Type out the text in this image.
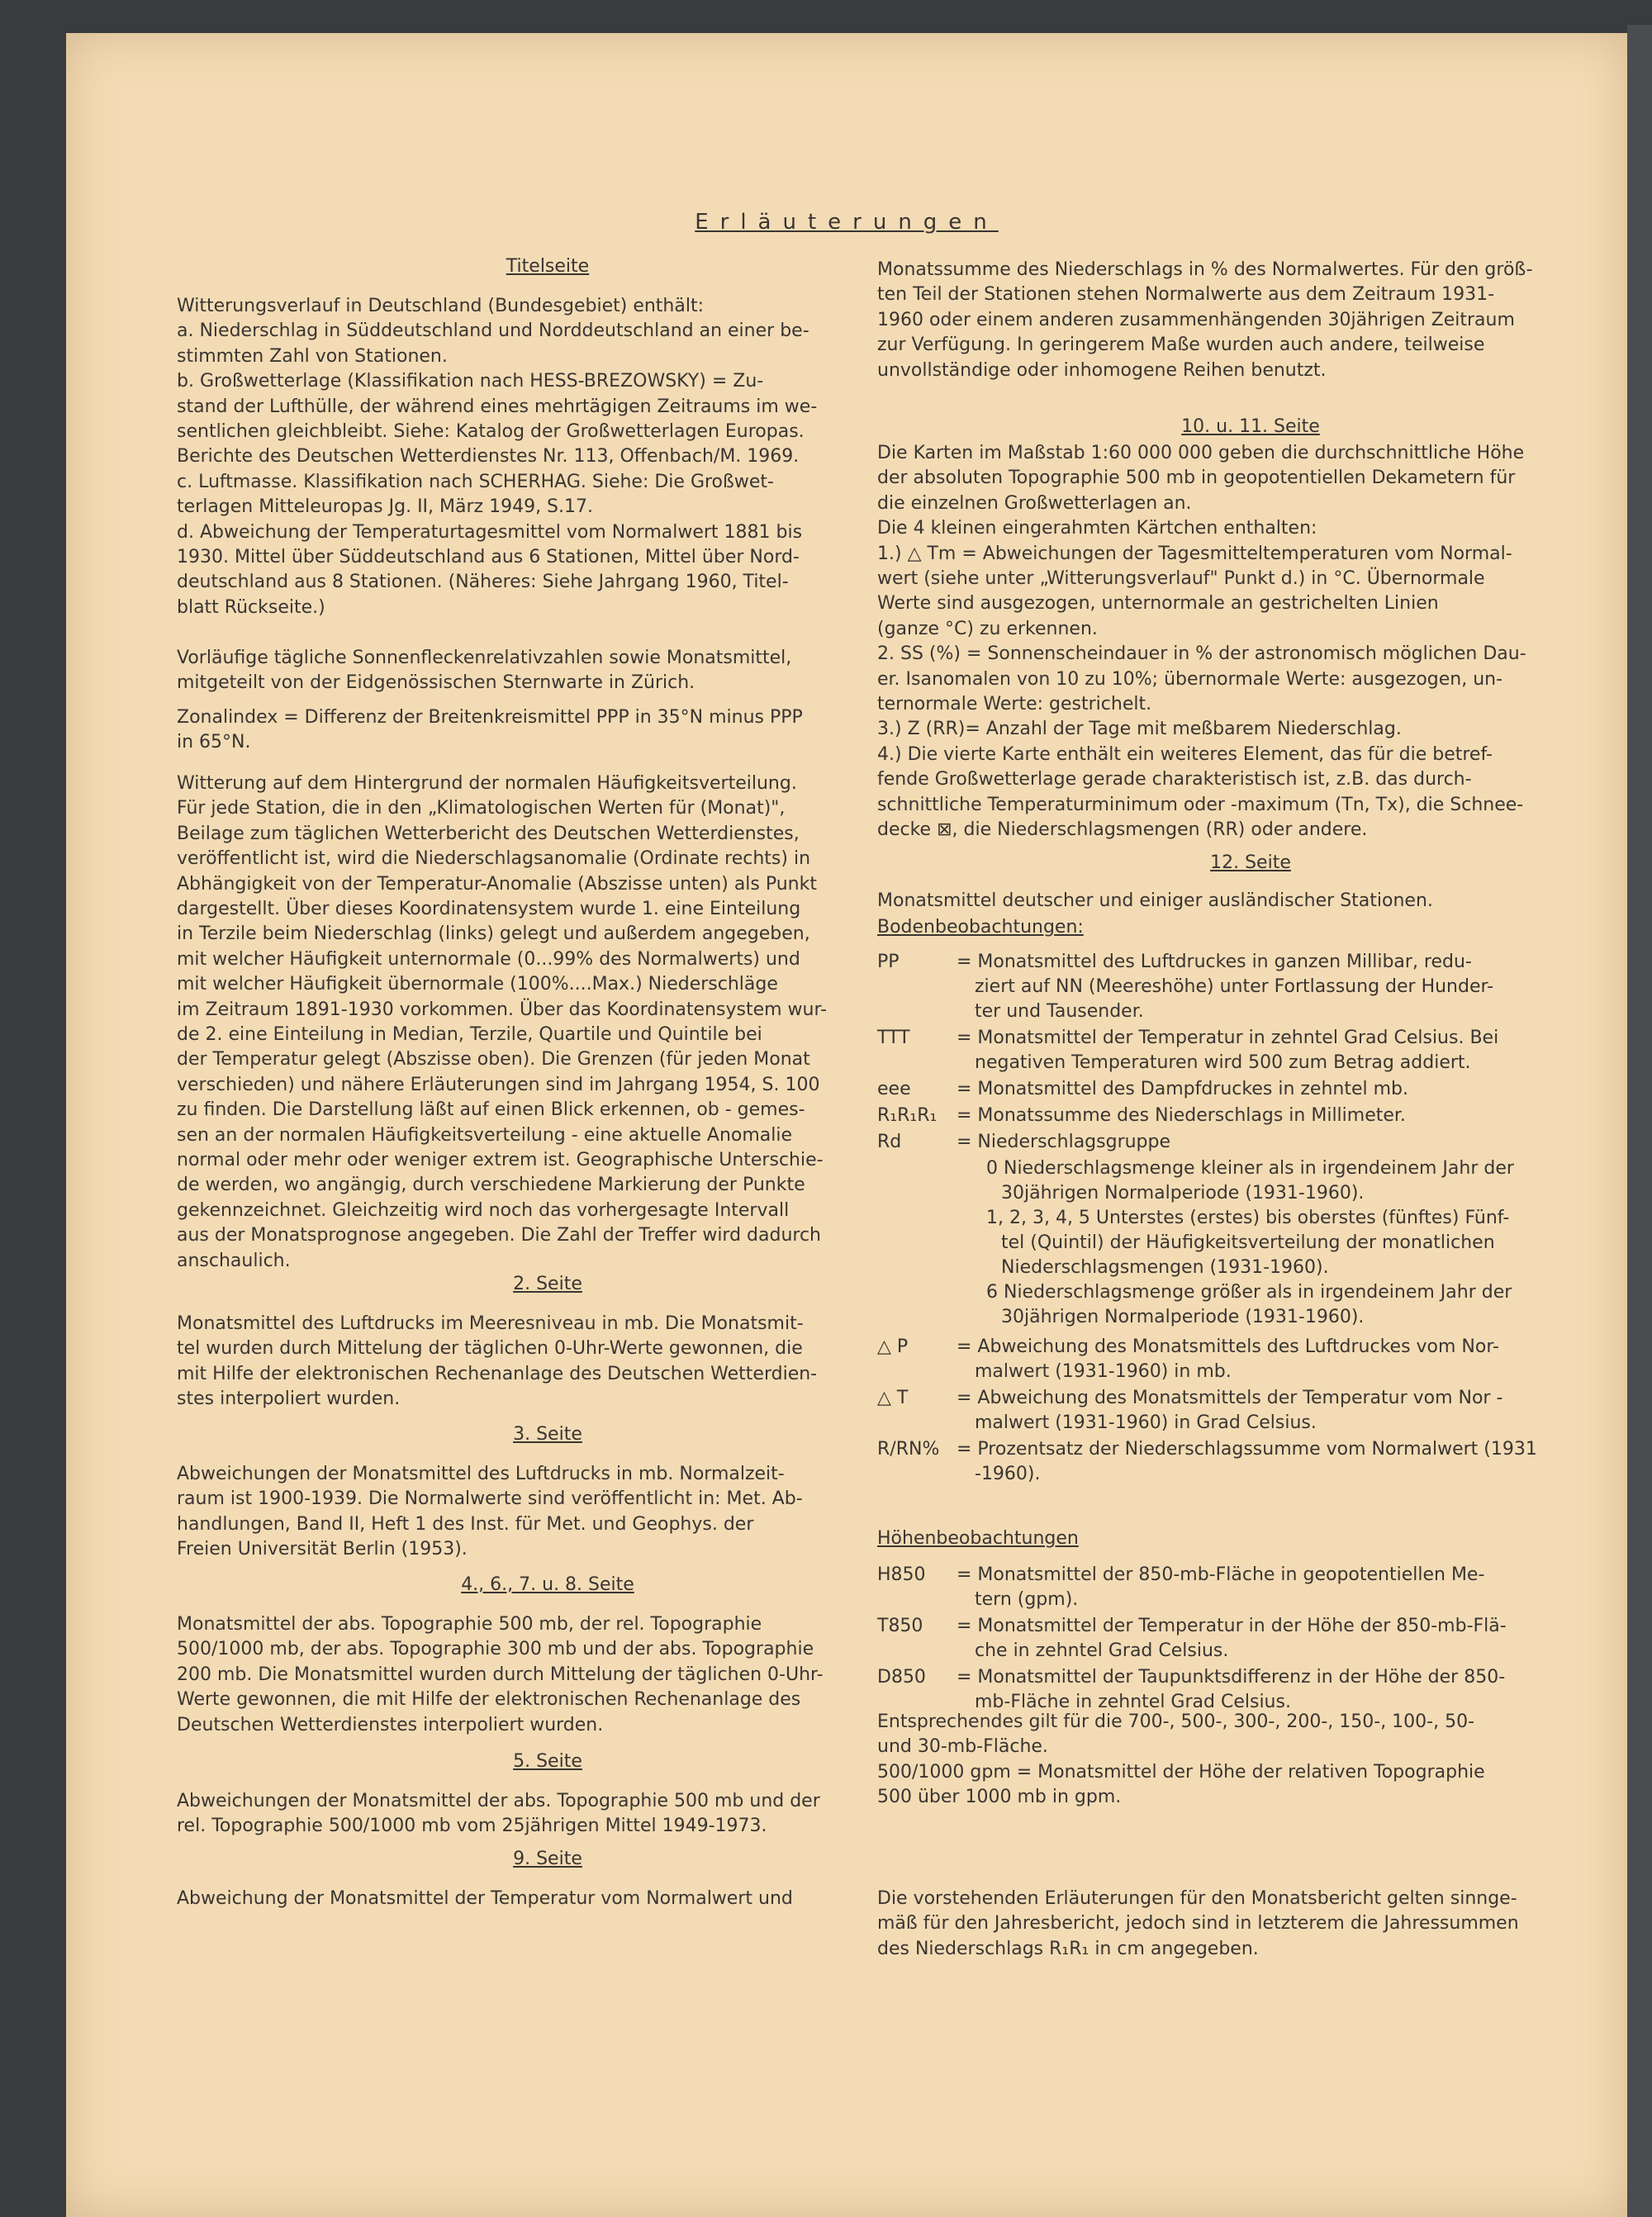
Erläuterungen
Titelseite
Witterungsverlauf in Deutschland (Bundesgebiet) enthält:
a. Niederschlag in Süddeutschland und Norddeutschland an einer be-
stimmten Zahl von Stationen.
b. Großwetterlage (Klassifikation nach HESS-BREZOWSKY) = Zu-
stand der Lufthülle, der während eines mehrtägigen Zeitraums im we-
sentlichen gleichbleibt. Siehe: Katalog der Großwetterlagen Europas.
Berichte des Deutschen Wetterdienstes Nr. 113, Offenbach/M. 1969.
c. Luftmasse. Klassifikation nach SCHERHAG. Siehe: Die Großwet-
terlagen Mitteleuropas Jg. II, März 1949, S.17.
d. Abweichung der Temperaturtagesmittel vom Normalwert 1881 bis
1930. Mittel über Süddeutschland aus 6 Stationen, Mittel über Nord-
deutschland aus 8 Stationen. (Näheres: Siehe Jahrgang 1960, Titel-
blatt Rückseite.)
Vorläufige tägliche Sonnenfleckenrelativzahlen sowie Monatsmittel,
mitgeteilt von der Eidgenössischen Sternwarte in Zürich.
Zonalindex = Differenz der Breitenkreismittel PPP in 35°N minus PPP
in 65°N.
Witterung auf dem Hintergrund der normalen Häufigkeitsverteilung.
Für jede Station, die in den „Klimatologischen Werten für (Monat)",
Beilage zum täglichen Wetterbericht des Deutschen Wetterdienstes,
veröffentlicht ist, wird die Niederschlagsanomalie (Ordinate rechts) in
Abhängigkeit von der Temperatur-Anomalie (Abszisse unten) als Punkt
dargestellt. Über dieses Koordinatensystem wurde 1. eine Einteilung
in Terzile beim Niederschlag (links) gelegt und außerdem angegeben,
mit welcher Häufigkeit unternormale (0...99% des Normalwerts) und
mit welcher Häufigkeit übernormale (100%....Max.) Niederschläge
im Zeitraum 1891-1930 vorkommen. Über das Koordinatensystem wur-
de 2. eine Einteilung in Median, Terzile, Quartile und Quintile bei
der Temperatur gelegt (Abszisse oben). Die Grenzen (für jeden Monat
verschieden) und nähere Erläuterungen sind im Jahrgang 1954, S. 100
zu finden. Die Darstellung läßt auf einen Blick erkennen, ob - gemes-
sen an der normalen Häufigkeitsverteilung - eine aktuelle Anomalie
normal oder mehr oder weniger extrem ist. Geographische Unterschie-
de werden, wo angängig, durch verschiedene Markierung der Punkte
gekennzeichnet. Gleichzeitig wird noch das vorhergesagte Intervall
aus der Monatsprognose angegeben. Die Zahl der Treffer wird dadurch
anschaulich.
2. Seite
Monatsmittel des Luftdrucks im Meeresniveau in mb. Die Monatsmit-
tel wurden durch Mittelung der täglichen 0-Uhr-Werte gewonnen, die
mit Hilfe der elektronischen Rechenanlage des Deutschen Wetterdien-
stes interpoliert wurden.
3. Seite
Abweichungen der Monatsmittel des Luftdrucks in mb. Normalzeit-
raum ist 1900-1939. Die Normalwerte sind veröffentlicht in: Met. Ab-
handlungen, Band II, Heft 1 des Inst. für Met. und Geophys. der
Freien Universität Berlin (1953).
4., 6., 7. u. 8. Seite
Monatsmittel der abs. Topographie 500 mb, der rel. Topographie
500/1000 mb, der abs. Topographie 300 mb und der abs. Topographie
200 mb. Die Monatsmittel wurden durch Mittelung der täglichen 0-Uhr-
Werte gewonnen, die mit Hilfe der elektronischen Rechenanlage des
Deutschen Wetterdienstes interpoliert wurden.
5. Seite
Abweichungen der Monatsmittel der abs. Topographie 500 mb und der
rel. Topographie 500/1000 mb vom 25jährigen Mittel 1949-1973.
9. Seite
Abweichung der Monatsmittel der Temperatur vom Normalwert und
Monatssumme des Niederschlags in % des Normalwertes. Für den größ-
ten Teil der Stationen stehen Normalwerte aus dem Zeitraum 1931-
1960 oder einem anderen zusammenhängenden 30jährigen Zeitraum
zur Verfügung. In geringerem Maße wurden auch andere, teilweise
unvollständige oder inhomogene Reihen benutzt.
10. u. 11. Seite
Die Karten im Maßstab 1:60 000 000 geben die durchschnittliche Höhe
der absoluten Topographie 500 mb in geopotentiellen Dekametern für
die einzelnen Großwetterlagen an.
Die 4 kleinen eingerahmten Kärtchen enthalten:
1.) △ Tm = Abweichungen der Tagesmitteltemperaturen vom Normal-
wert (siehe unter „Witterungsverlauf" Punkt d.) in °C. Übernormale
Werte sind ausgezogen, unternormale an gestrichelten Linien
(ganze °C) zu erkennen.
2. SS (%) = Sonnenscheindauer in % der astronomisch möglichen Dau-
er. Isanomalen von 10 zu 10%; übernormale Werte: ausgezogen, un-
ternormale Werte: gestrichelt.
3.) Z (RR)= Anzahl der Tage mit meßbarem Niederschlag.
4.) Die vierte Karte enthält ein weiteres Element, das für die betref-
fende Großwetterlage gerade charakteristisch ist, z.B. das durch-
schnittliche Temperaturminimum oder -maximum (Tn, Tx), die Schnee-
decke ⊠, die Niederschlagsmengen (RR) oder andere.
12. Seite
Monatsmittel deutscher und einiger ausländischer Stationen.
Bodenbeobachtungen:
PP	= Monatsmittel des Luftdruckes in ganzen Millibar, redu-
ziert auf NN (Meereshöhe) unter Fortlassung der Hunder-
ter und Tausender.
TTT	= Monatsmittel der Temperatur in zehntel Grad Celsius. Bei
negativen Temperaturen wird 500 zum Betrag addiert.
eee	= Monatsmittel des Dampfdruckes in zehntel mb.
R₁R₁R₁ = Monatssumme des Niederschlags in Millimeter.
Rd	= Niederschlagsgruppe
0 Niederschlagsmenge kleiner als in irgendeinem Jahr der
30jährigen Normalperiode (1931-1960).
1, 2, 3, 4, 5 Unterstes (erstes) bis oberstes (fünftes) Fünf-
tel (Quintil) der Häufigkeitsverteilung der monatlichen
Niederschlagsmengen (1931-1960).
6 Niederschlagsmenge größer als in irgendeinem Jahr der
30jährigen Normalperiode (1931-1960).
△ P	= Abweichung des Monatsmittels des Luftdruckes vom Nor-
malwert (1931-1960) in mb.
△ T	= Abweichung des Monatsmittels der Temperatur vom Nor -
malwert (1931-1960) in Grad Celsius.
R/RN% = Prozentsatz der Niederschlagssumme vom Normalwert (1931
-1960).
Höhenbeobachtungen
H850 = Monatsmittel der 850-mb-Fläche in geopotentiellen Me-
tern (gpm).
T850 = Monatsmittel der Temperatur in der Höhe der 850-mb-Flä-
che in zehntel Grad Celsius.
D850 = Monatsmittel der Taupunktsdifferenz in der Höhe der 850-
mb-Fläche in zehntel Grad Celsius.
Entsprechendes gilt für die 700-, 500-, 300-, 200-, 150-, 100-, 50-
und 30-mb-Fläche.
500/1000 gpm = Monatsmittel der Höhe der relativen Topographie
500 über 1000 mb in gpm.
Die vorstehenden Erläuterungen für den Monatsbericht gelten sinnge-
mäß für den Jahresbericht, jedoch sind in letzterem die Jahressummen
des Niederschlags R₁R₁ in cm angegeben.
